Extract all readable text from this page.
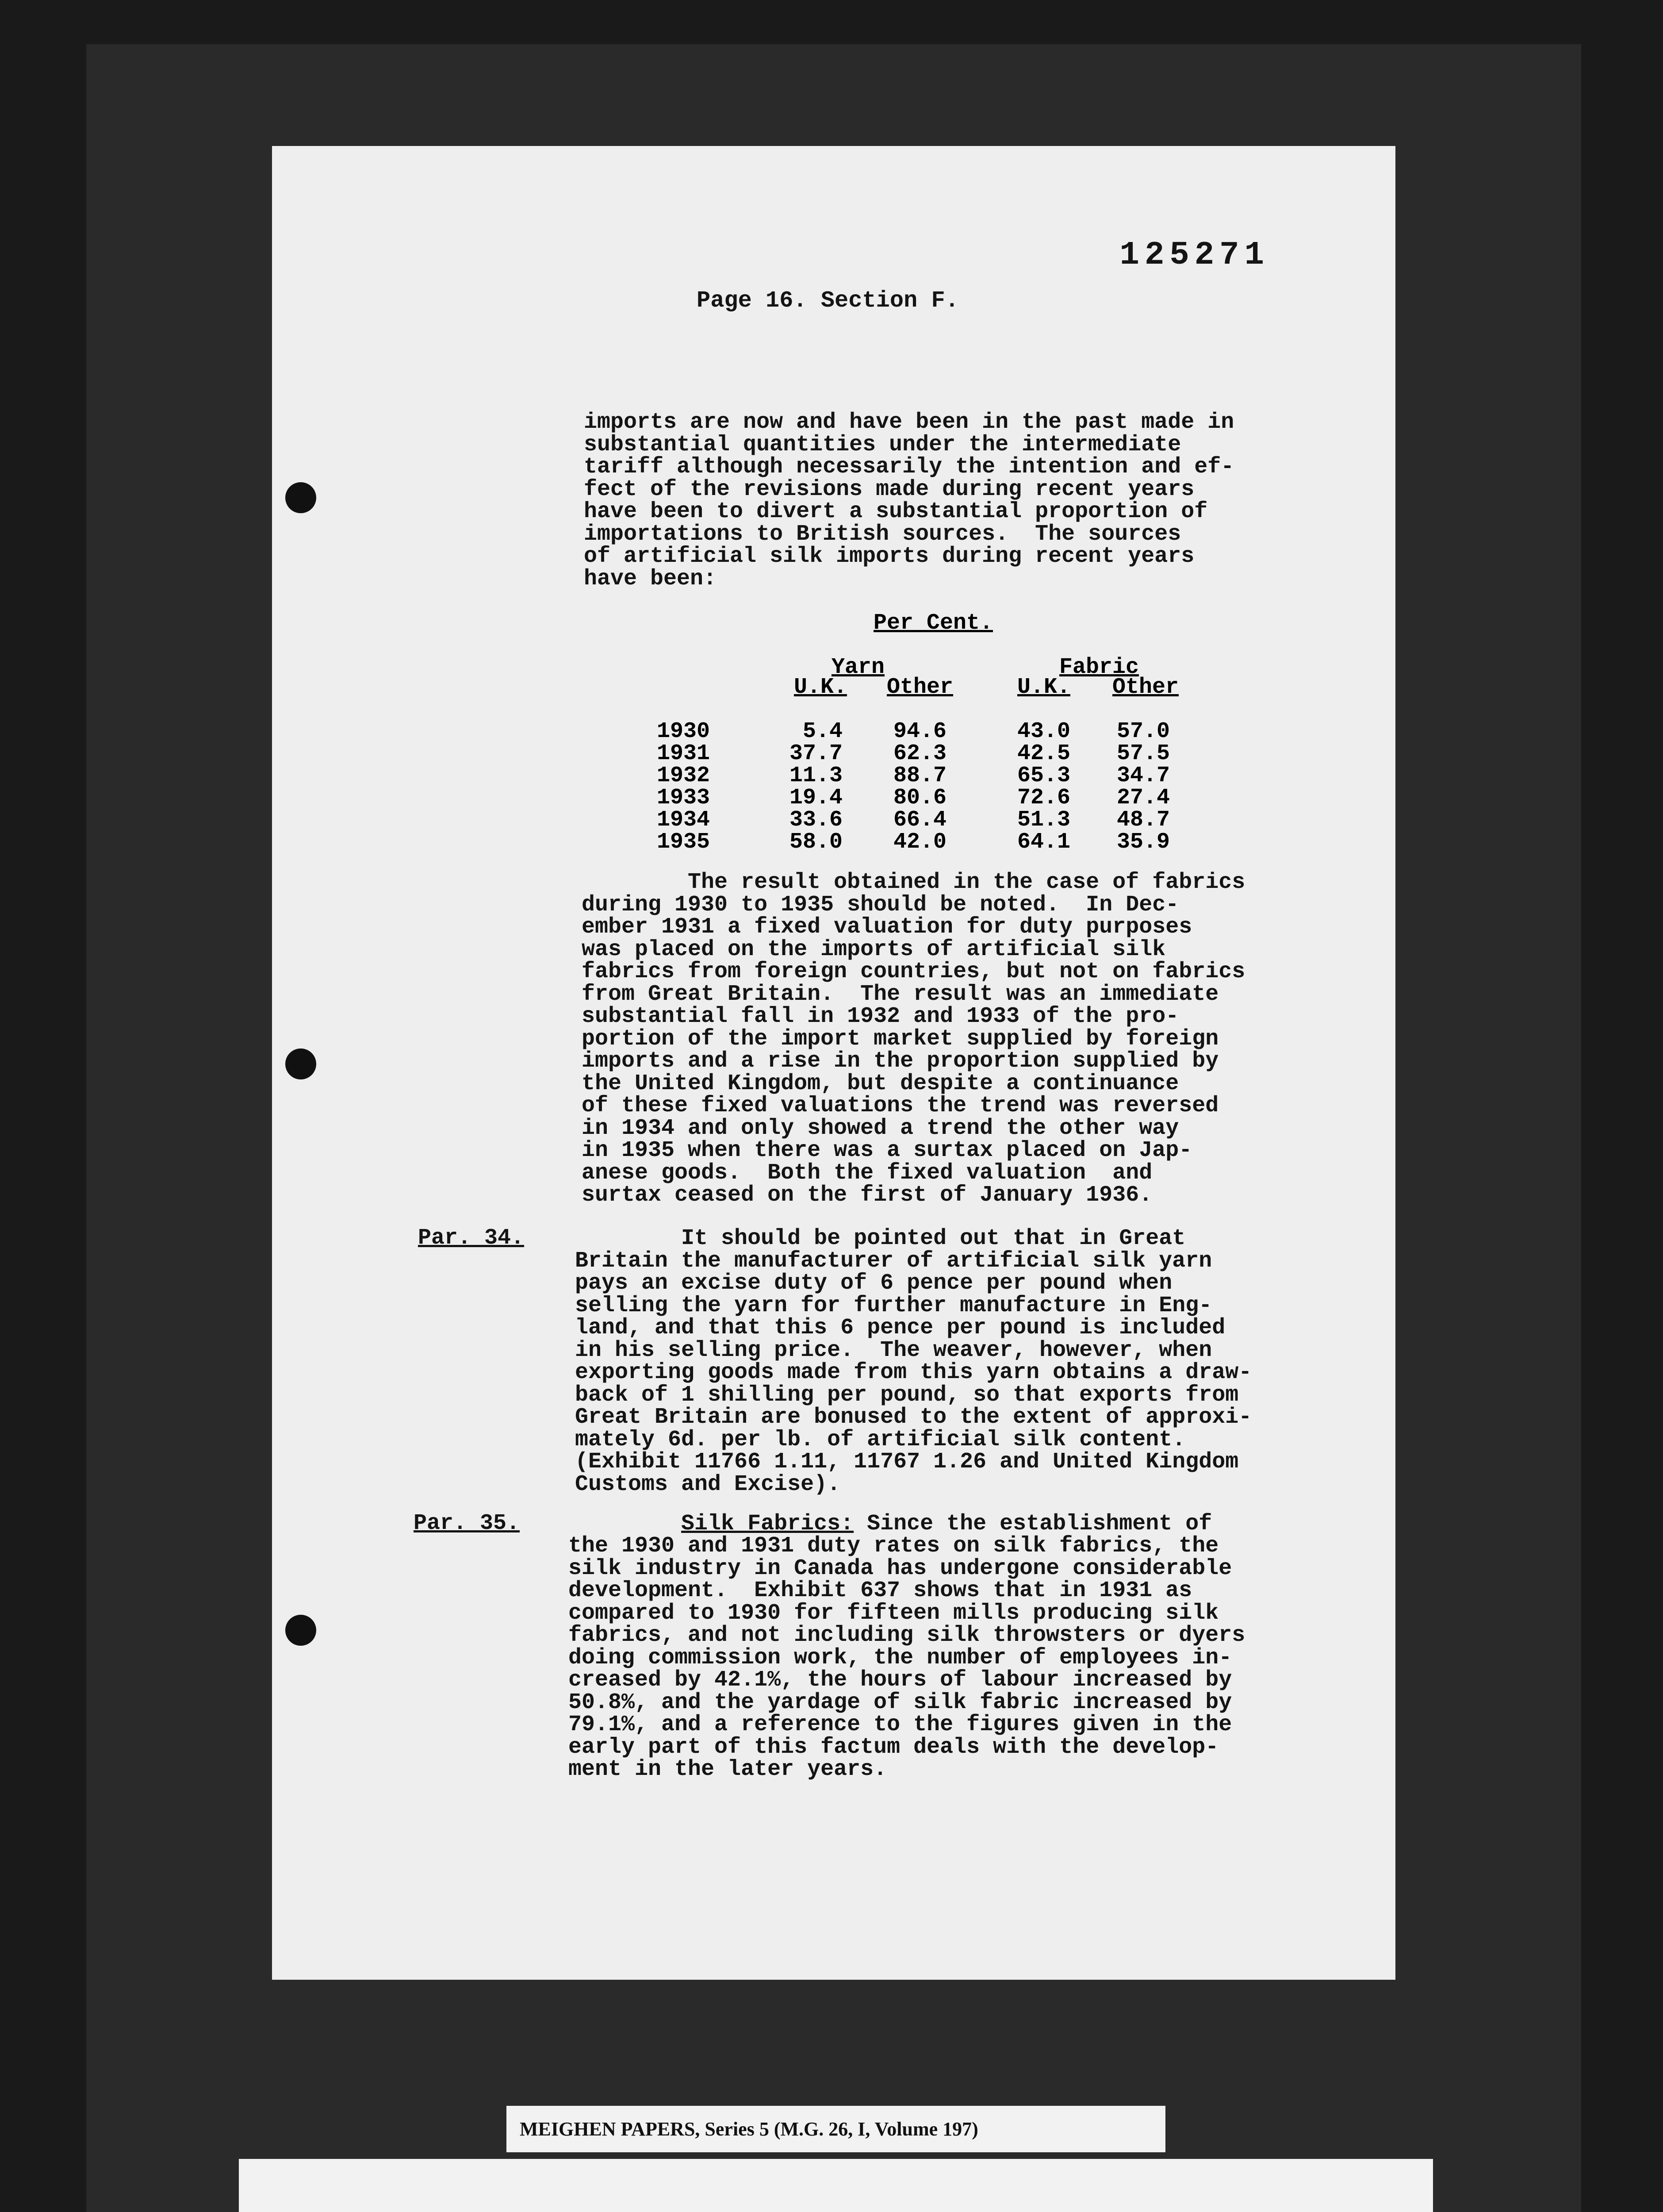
125271
Page 16. Section F.
imports are now and have been in the past made in
substantial quantities under the intermediate
tariff although necessarily the intention and ef-
fect of the revisions made during recent years
have been to divert a substantial proportion of
importations to British sources.  The sources
of artificial silk imports during recent years
have been:
The result obtained in the case of fabrics
during 1930 to 1935 should be noted.  In Dec-
ember 1931 a fixed valuation for duty purposes
was placed on the imports of artificial silk
fabrics from foreign countries, but not on fabrics
from Great Britain.  The result was an immediate
substantial fall in 1932 and 1933 of the pro-
portion of the import market supplied by foreign
imports and a rise in the proportion supplied by
the United Kingdom, but despite a continuance
of these fixed valuations the trend was reversed
in 1934 and only showed a trend the other way
in 1935 when there was a surtax placed on Jap-
anese goods.  Both the fixed valuation  and
surtax ceased on the first of January 1936.
Par. 34.	It should be pointed out that in Great
Britain the manufacturer of artificial silk yarn
pays an excise duty of 6 pence per pound when
selling the yarn for further manufacture in Eng-
land, and that this 6 pence per pound is included
in his selling price.  The weaver, however, when
exporting goods made from this yarn obtains a draw-
back of 1 shilling per pound, so that exports from
Great Britain are bonused to the extent of approxi-
mately 6d. per lb. of artificial silk content.
(Exhibit 11766 1.11, 11767 1.26 and United Kingdom
Customs and Excise).
Par. 35.	Silk Fabrics: Since the establishment of
the 1930 and 1931 duty rates on silk fabrics, the
silk industry in Canada has undergone considerable
development.  Exhibit 637 shows that in 1931 as
compared to 1930 for fifteen mills producing silk
fabrics, and not including silk throwsters or dyers
doing commission work, the number of employees in-
creased by 42.1%, the hours of labour increased by
50.8%, and the yardage of silk fabric increased by
79.1%, and a reference to the figures given in the
early part of this factum deals with the develop-
ment in the later years.
Per Cent.
Yarn	Fabric
U.K. Other	U.K. Other
1930	5.4 94.6	43.0 57.0
1931	37.7 62.3	42.5 57.5
1932	11.3 88.7	65.3 34.7
1933	19.4 80.6	72.6 27.4
1934	33.6 66.4	51.3 48.7
1935	58.0 42.0	64.1 35.9
MEIGHEN PAPERS, Series 5 (M.G. 26, I, Volume 197)
